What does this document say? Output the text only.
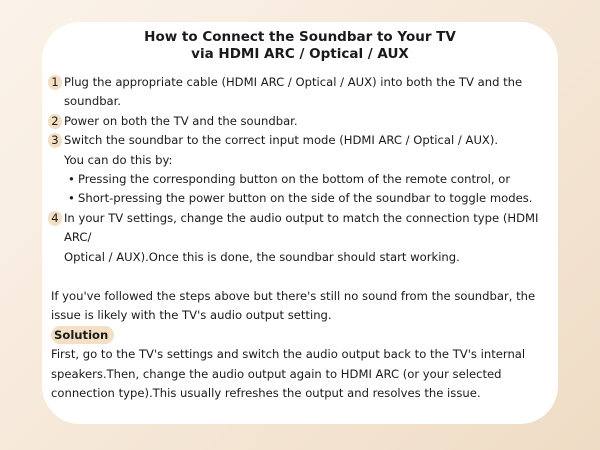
How to Connect the Soundbar to Your TV
via HDMI ARC / Optical / AUX
1 Plug the appropriate cable (HDMI ARC / Optical / AUX) into both the TV and the
soundbar.
2 Power on both the TV and the soundbar.
3 Switch the soundbar to the correct input mode (HDMI ARC / Optical / AUX).
You can do this by:
• Pressing the corresponding button on the bottom of the remote control, or
• Short-pressing the power button on the side of the soundbar to toggle modes.
4 In your TV settings, change the audio output to match the connection type (HDMI ARC/
Optical / AUX).Once this is done, the soundbar should start working.

If you've followed the steps above but there's still no sound from the soundbar, the

issue is likely with the TV's audio output setting.

Solution

First, go to the TV's settings and switch the audio output back to the TV's internal

speakers.Then, change the audio output again to HDMI ARC (or your selected

connection type).This usually refreshes the output and resolves the issue.
